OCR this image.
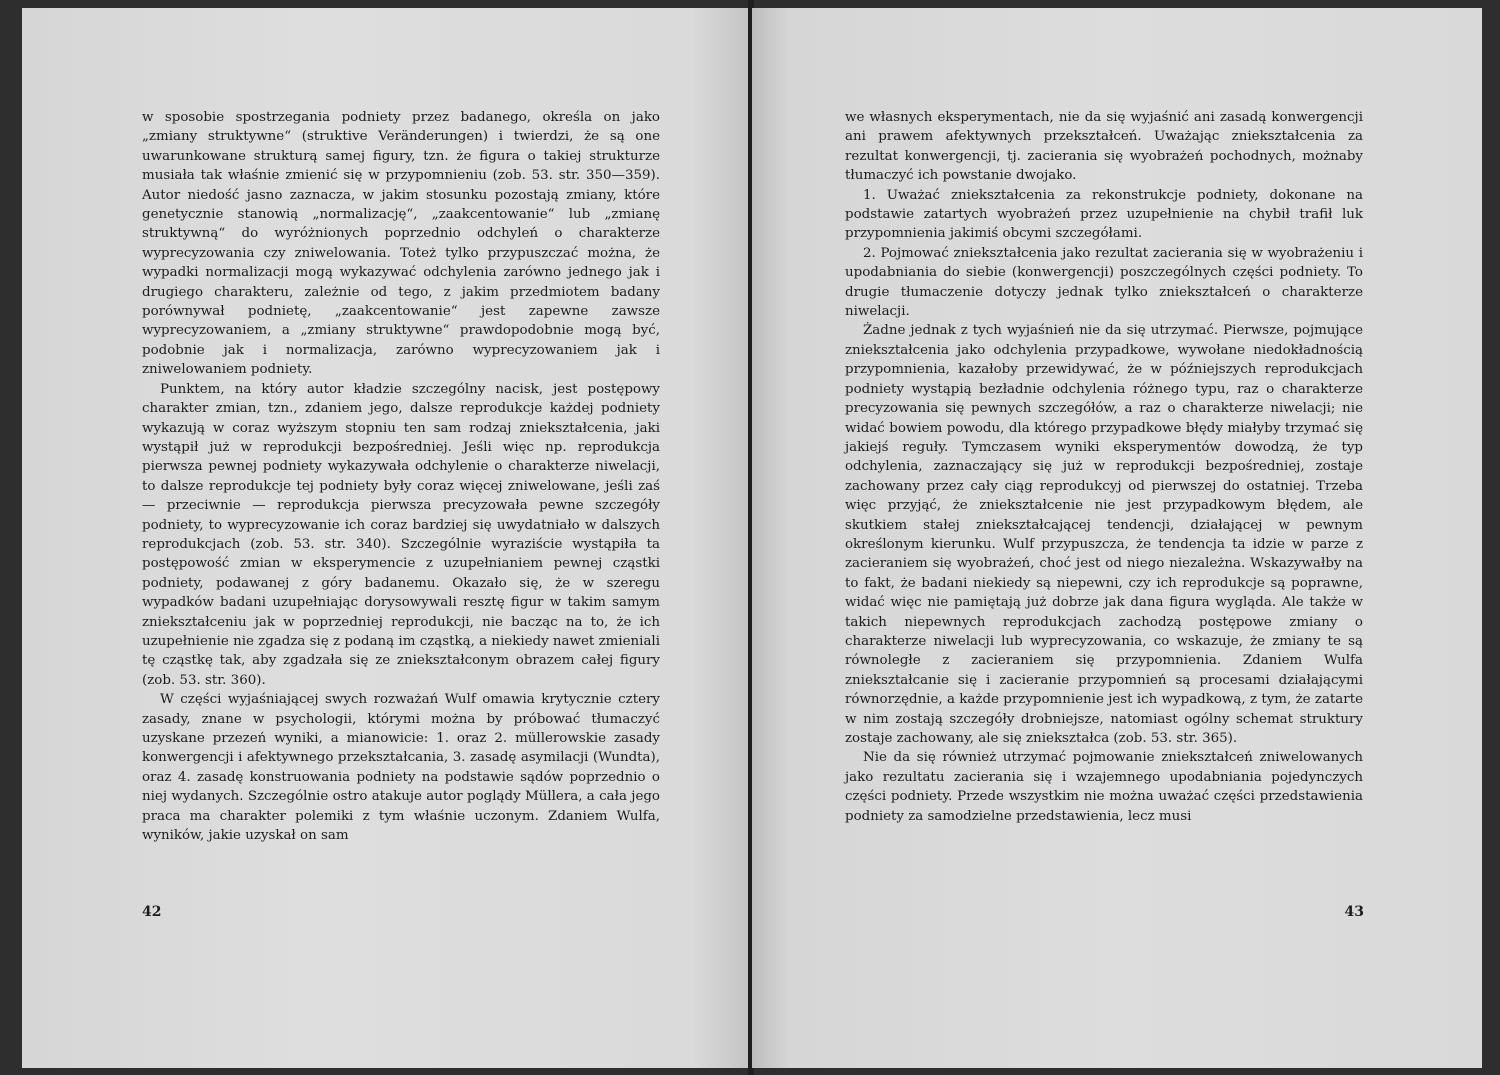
w sposobie spostrzegania podniety przez badanego, określa on jako „zmiany struktywne“ (struktive Veränderungen) i twierdzi, że są one uwarunkowane strukturą samej figury, tzn. że figura o takiej strukturze musiała tak właśnie zmienić się w przypomnieniu (zob. 53. str. 350—359). Autor niedość jasno zaznacza, w jakim stosunku pozostają zmiany, które genetycznie stanowią „normalizację“, „zaakcentowanie“ lub „zmianę struktywną“ do wyróżnionych poprzednio odchyleń o charakterze wyprecyzowania czy zniwelowania. Toteż tylko przypuszczać można, że wypadki normalizacji mogą wykazywać odchylenia zarówno jednego jak i drugiego charakteru, zależnie od tego, z jakim przedmiotem badany porównywał podnietę, „zaakcentowanie“ jest zapewne zawsze wyprecyzowaniem, a „zmiany struktywne“ prawdopodobnie mogą być, podobnie jak i normalizacja, zarówno wyprecyzowaniem jak i zniwelowaniem podniety.

Punktem, na który autor kładzie szczególny nacisk, jest postępowy charakter zmian, tzn., zdaniem jego, dalsze reprodukcje każdej podniety wykazują w coraz wyższym stopniu ten sam rodzaj zniekształcenia, jaki wystąpił już w reprodukcji bezpośredniej. Jeśli więc np. reprodukcja pierwsza pewnej podniety wykazywała odchylenie o charakterze niwelacji, to dalsze reprodukcje tej podniety były coraz więcej zniwelowane, jeśli zaś — przeciwnie — reprodukcja pierwsza precyzowała pewne szczegóły podniety, to wyprecyzowanie ich coraz bardziej się uwydatniało w dalszych reprodukcjach (zob. 53. str. 340). Szczególnie wyraziście wystąpiła ta postępowość zmian w eksperymencie z uzupełnianiem pewnej cząstki podniety, podawanej z góry badanemu. Okazało się, że w szeregu wypadków badani uzupełniając dorysowywali resztę figur w takim samym zniekształceniu jak w poprzedniej reprodukcji, nie bacząc na to, że ich uzupełnienie nie zgadza się z podaną im cząstką, a niekiedy nawet zmieniali tę cząstkę tak, aby zgadzała się ze zniekształconym obrazem całej figury (zob. 53. str. 360).

W części wyjaśniającej swych rozważań Wulf omawia krytycznie cztery zasady, znane w psychologii, którymi można by próbować tłumaczyć uzyskane przezeń wyniki, a mianowicie: 1. oraz 2. müllerowskie zasady konwergencji i afektywnego przekształcania, 3. zasadę asymilacji (Wundta), oraz 4. zasadę konstruowania podniety na podstawie sądów poprzednio o niej wydanych. Szczególnie ostro atakuje autor poglądy Müllera, a cała jego praca ma charakter polemiki z tym właśnie uczonym. Zdaniem Wulfa, wyników, jakie uzyskał on sam

42

we własnych eksperymentach, nie da się wyjaśnić ani zasadą konwergencji ani prawem afektywnych przekształceń. Uważając zniekształcenia za rezultat konwergencji, tj. zacierania się wyobrażeń pochodnych, możnaby tłumaczyć ich powstanie dwojako.

1. Uważać zniekształcenia za rekonstrukcje podniety, dokonane na podstawie zatartych wyobrażeń przez uzupełnienie na chybił trafił luk przypomnienia jakimiś obcymi szczegółami.

2. Pojmować zniekształcenia jako rezultat zacierania się w wyobrażeniu i upodabniania do siebie (konwergencji) poszczególnych części podniety. To drugie tłumaczenie dotyczy jednak tylko zniekształceń o charakterze niwelacji.

Żadne jednak z tych wyjaśnień nie da się utrzymać. Pierwsze, pojmujące zniekształcenia jako odchylenia przypadkowe, wywołane niedokładnością przypomnienia, kazałoby przewidywać, że w późniejszych reprodukcjach podniety wystąpią bezładnie odchylenia różnego typu, raz o charakterze precyzowania się pewnych szczegółów, a raz o charakterze niwelacji; nie widać bowiem powodu, dla którego przypadkowe błędy miałyby trzymać się jakiejś reguły. Tymczasem wyniki eksperymentów dowodzą, że typ odchylenia, zaznaczający się już w reprodukcji bezpośredniej, zostaje zachowany przez cały ciąg reprodukcyj od pierwszej do ostatniej. Trzeba więc przyjąć, że zniekształcenie nie jest przypadkowym błędem, ale skutkiem stałej zniekształcającej tendencji, działającej w pewnym określonym kierunku. Wulf przypuszcza, że tendencja ta idzie w parze z zacieraniem się wyobrażeń, choć jest od niego niezależna. Wskazywałby na to fakt, że badani niekiedy są niepewni, czy ich reprodukcje są poprawne, widać więc nie pamiętają już dobrze jak dana figura wygląda. Ale także w takich niepewnych reprodukcjach zachodzą postępowe zmiany o charakterze niwelacji lub wyprecyzowania, co wskazuje, że zmiany te są równoległe z zacieraniem się przypomnienia. Zdaniem Wulfa zniekształcanie się i zacieranie przypomnień są procesami działającymi równorzędnie, a każde przypomnienie jest ich wypadkową, z tym, że zatarte w nim zostają szczegóły drobniejsze, natomiast ogólny schemat struktury zostaje zachowany, ale się zniekształca (zob. 53. str. 365).

Nie da się również utrzymać pojmowanie zniekształceń zniwelowanych jako rezultatu zacierania się i wzajemnego upodabniania pojedynczych części podniety. Przede wszystkim nie można uważać części przedstawienia podniety za samodzielne przedstawienia, lecz musi

43
